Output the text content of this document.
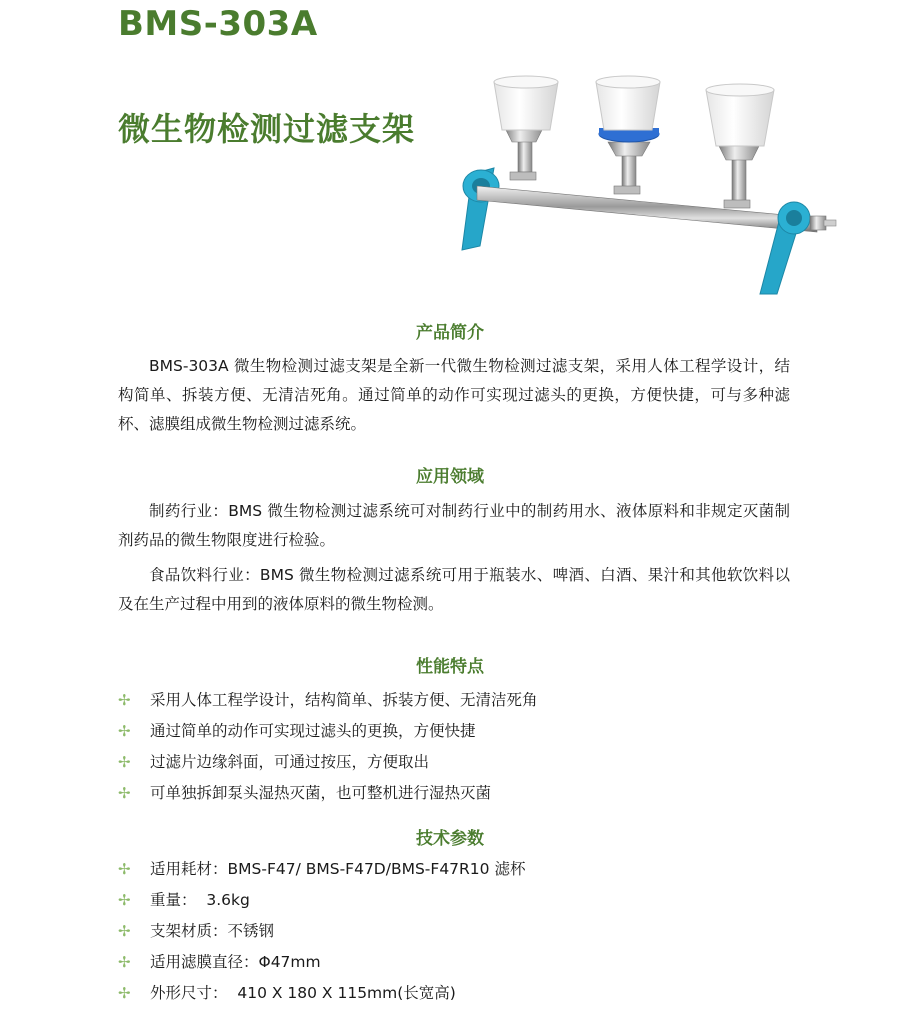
BMS-303A
微生物检测过滤支架
产品简介

BMS-303A 微生物检测过滤支架是全新一代微生物检测过滤支架，采用人体工程学设计，结构简单、拆装方便、无清洁死角。通过简单的动作可实现过滤头的更换，方便快捷，可与多种滤杯、滤膜组成微生物检测过滤系统。

应用领域

制药行业：BMS 微生物检测过滤系统可对制药行业中的制药用水、液体原料和非规定灭菌制剂药品的微生物限度进行检验。

食品饮料行业：BMS 微生物检测过滤系统可用于瓶装水、啤酒、白酒、果汁和其他软饮料以及在生产过程中用到的液体原料的微生物检测。

性能特点
✢ 采用人体工程学设计，结构简单、拆装方便、无清洁死角
✢ 通过简单的动作可实现过滤头的更换，方便快捷
✢ 过滤片边缘斜面，可通过按压，方便取出
✢ 可单独拆卸泵头湿热灭菌，也可整机进行湿热灭菌
技术参数
✢ 适用耗材：BMS-F47/ BMS-F47D/BMS-F47R10 滤杯
✢ 重量：  3.6kg
✢ 支架材质：不锈钢
✢ 适用滤膜直径：Φ47mm
✢ 外形尺寸：  410 X 180 X 115mm(长宽高)
